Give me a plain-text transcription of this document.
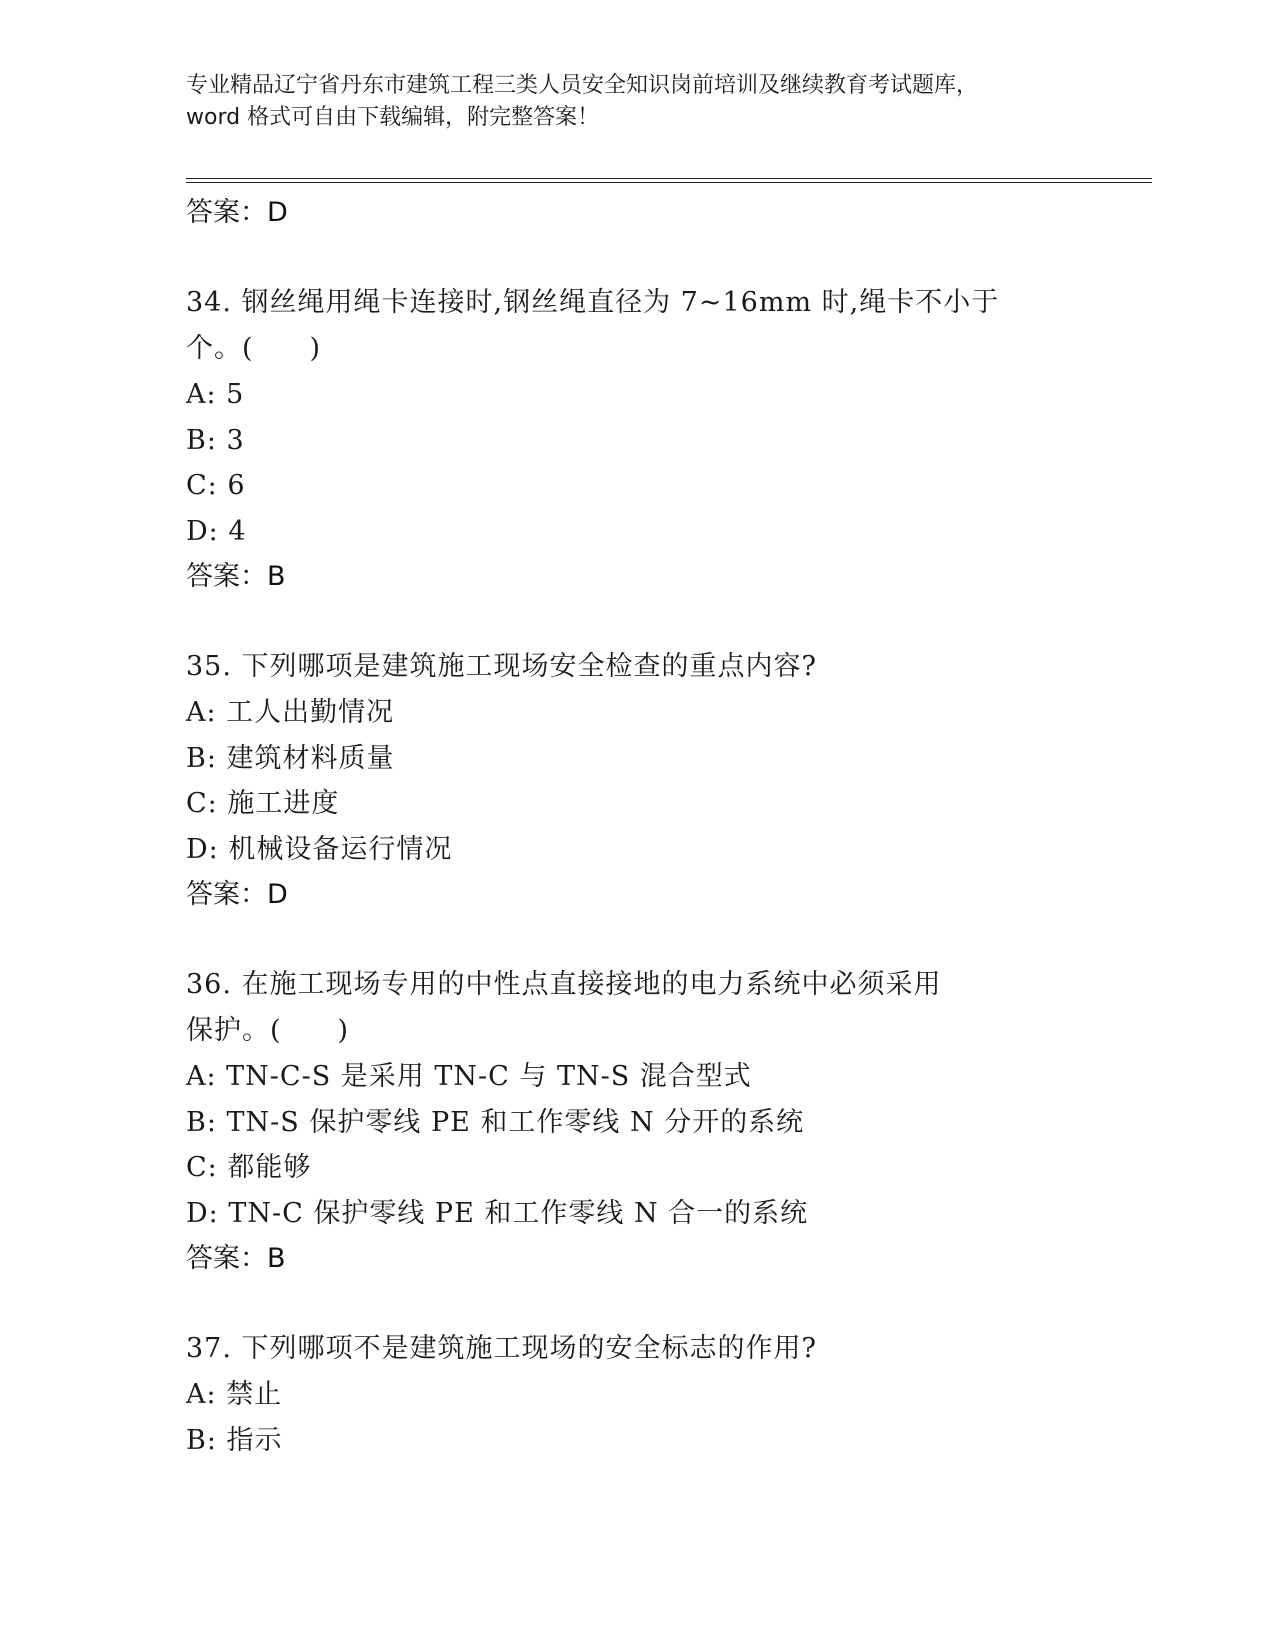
专业精品辽宁省丹东市建筑工程三类人员安全知识岗前培训及继续教育考试题库，
word 格式可自由下载编辑，附完整答案！
答案：D
34. 钢丝绳用绳卡连接时,钢丝绳直径为 7~16mm 时,绳卡不小于
个。(　　)
A: 5
B: 3
C: 6
D: 4
答案：B
35. 下列哪项是建筑施工现场安全检查的重点内容?
A: 工人出勤情况
B: 建筑材料质量
C: 施工进度
D: 机械设备运行情况
答案：D
36. 在施工现场专用的中性点直接接地的电力系统中必须采用
保护。(　　)
A: TN-C-S 是采用 TN-C 与 TN-S 混合型式
B: TN-S 保护零线 PE 和工作零线 N 分开的系统
C: 都能够
D: TN-C 保护零线 PE 和工作零线 N 合一的系统
答案：B
37. 下列哪项不是建筑施工现场的安全标志的作用?
A: 禁止
B: 指示
